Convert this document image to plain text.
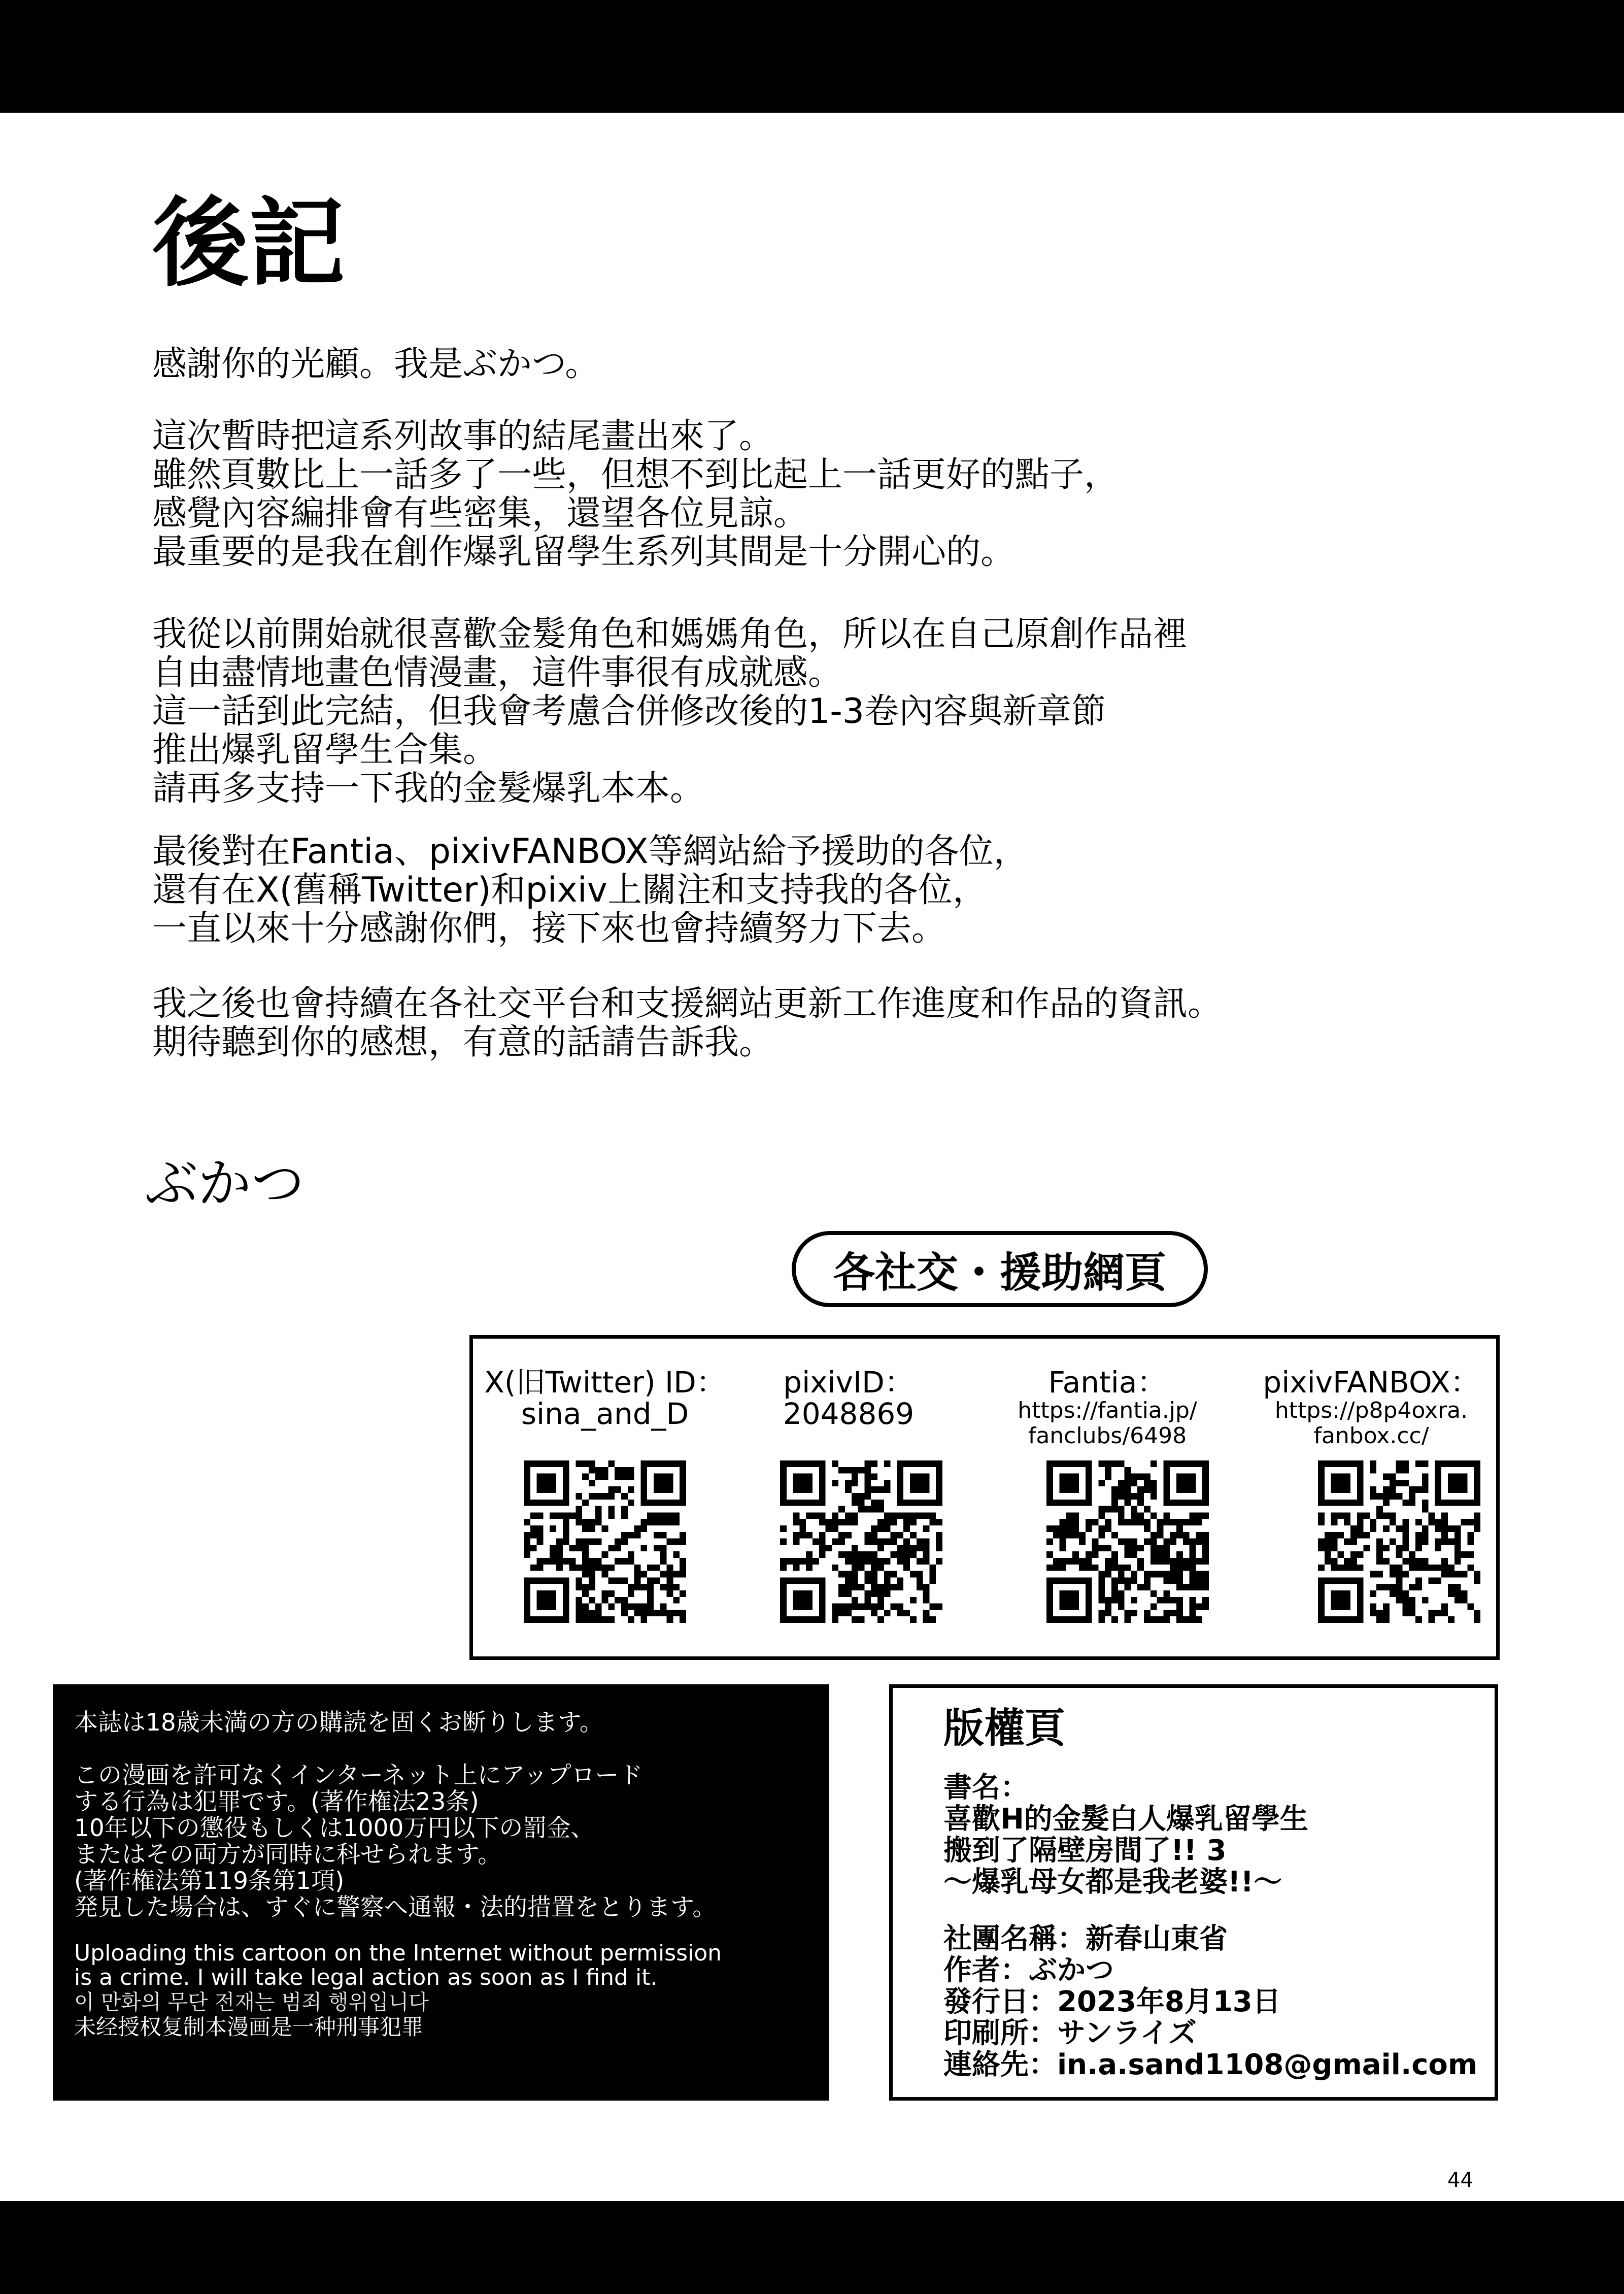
後記
感謝你的光顧。我是ぶかつ。
這次暫時把這系列故事的結尾畫出來了。
雖然頁數比上一話多了一些，但想不到比起上一話更好的點子，
感覺內容編排會有些密集，還望各位見諒。
最重要的是我在創作爆乳留學生系列其間是十分開心的。
我從以前開始就很喜歡金髮角色和媽媽角色，所以在自己原創作品裡
自由盡情地畫色情漫畫，這件事很有成就感。
這一話到此完結，但我會考慮合併修改後的1-3卷內容與新章節
推出爆乳留學生合集。
請再多支持一下我的金髮爆乳本本。
最後對在Fantia、pixivFANBOX等網站給予援助的各位，
還有在X(舊稱Twitter)和pixiv上關注和支持我的各位，
一直以來十分感謝你們，接下來也會持續努力下去。
我之後也會持續在各社交平台和支援網站更新工作進度和作品的資訊。
期待聽到你的感想，有意的話請告訴我。
ぶかつ
各社交・援助網頁
X(旧Twitter) ID：
sina_and_D
pixivID：
2048869
Fantia：
https://fantia.jp/
fanclubs/6498
pixivFANBOX：
https://p8p4oxra.
fanbox.cc/
本誌は18歳未満の方の購読を固くお断りします。
この漫画を許可なくインターネット上にアップロード
する行為は犯罪です。(著作権法23条)
10年以下の懲役もしくは1000万円以下の罰金、
またはその両方が同時に科せられます。
(著作権法第119条第1項)
発見した場合は、すぐに警察へ通報・法的措置をとります。
Uploading this cartoon on the Internet without permission
is a crime. I will take legal action as soon as I find it.
이 만화의 무단 전재는 범죄 행위입니다
未经授权复制本漫画是一种刑事犯罪
版權頁
書名：
喜歡H的金髮白人爆乳留學生
搬到了隔壁房間了!! 3
～爆乳母女都是我老婆!!～
社團名稱：新春山東省
作者：ぶかつ
發行日：2023年8月13日
印刷所：サンライズ
連絡先：in.a.sand1108@gmail.com
44
